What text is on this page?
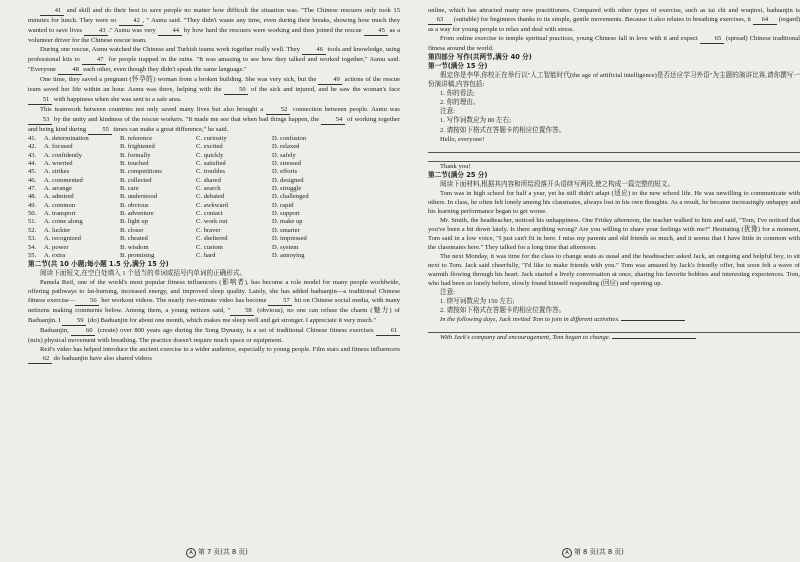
41 and skill and do their best to save people no matter how difficult the situation was. "The Chinese rescuers only took 15 minutes for lunch. They were so 42 , " Asmu said. "They didn't waste any time, even during their breaks, showing how much they wanted to save lives 43 ." Asmu was very 44 by how hard the rescuers were working and then joined the rescue 45 as a volunteer driver for the Chinese rescue team.

During one rescue, Asmu watched the Chinese and Turkish teams work together really well. They 46 tools and knowledge, using professional kits to 47 for people trapped in the ruins. "It was amazing to see how they talked and worked together," Asmu said. "Everyone 48 each other, even though they didn't speak the same language."

One time, they saved a pregnant (怀孕的) woman from a broken building. She was very sick, but the 49 actions of the rescue team saved her life within an hour. Asmu was there, helping with the 50 of the sick and injured, and he saw the woman's face 51 with happiness when she was sent to a safe area.

This teamwork between countries not only saved many lives but also brought a 52 connection between people. Asmu was 53 by the unity and kindness of the rescue workers. "It made me see that when bad things happen, the 54 of working together and being kind during 55 times can make a great difference," he said.

41.	A. determination	B. reference	C. curiosity	D. confusion
42.	A. focused	B. frightened	C. excited	D. relaxed
43.	A. confidently	B. formally	C. quickly	D. safely
44.	A. worried	B. touched	C. satisfied	D. stressed
45.	A. strikes	B. competitions	C. troubles	D. efforts
46.	A. commented	B. collected	C. shared	D. designed
47.	A. arrange	B. care	C. search	D. struggle
48.	A. admired	B. understood	C. debated	D. challenged
49.	A. common	B. obvious	C. awkward	D. rapid
50.	A. transport	B. adventure	C. contact	D. support
51.	A. come along	B. light up	C. work out	D. make up
52.	A. luckier	B. closer	C. braver	D. smarter
53.	A. recognized	B. cheated	C. sheltered	D. impressed
54.	A. power	B. wisdom	C. custom	D. system
55.	A. extra	B. promising	C. hard	D. annoying

第二节(共 10 小题;每小题 1.5 分,满分 15 分)

阅读下面短文,在空白处填入 1 个适当的单词或括号内单词的正确形式。

Pamela Reif, one of the world's most popular fitness influencers (影响者), has become a role model for many people worldwide, offering pathways to fat-burning, increased energy, and improved sleep quality. Lately, she has added baduanjin—a traditional Chinese fitness exercise— 56 her workout videos. The nearly two-minute video has become 57 hit on Chinese social media, with many netizens making comments below. Among them, a young netizen said, " 58 (obvious), no one can refuse the charm (魅力) of Baduanjin. I 59 (do) Baduanjin for about one month, which makes me sleep well and get stronger. I appreciate it very much."

Baduanjin, 60 (create) over 800 years ago during the Song Dynasty, is a set of traditional Chinese fitness exercises 61 (mix) physical movement with breathing. The practice doesn't require much space or equipment.

Reif's video has helped introduce the ancient exercise to a wider audience, especially to young people. Film stars and fitness influencers 62 do baduanjin have also shared videos

A 第 7 页(共 8 页)

online, which has attracted many new practitioners. Compared with other types of exercise, such as tai chi and wuqinxi, baduanjin is 63 (suitable) for beginners thanks to its simple, gentle movements. Because it also relates to breathing exercises, it 64 (regard) as a way for young people to relax and deal with stress.

From online exercise to temple spiritual practices, young Chinese fall in love with it and expect 65 (spread) Chinese traditional fitness around the world.

第四部分 写作(共两节,满分 40 分)

第一节(满分 15 分)

假定你是李华,你校正在举行以"人工智能时代(the age of artificial intelligence)是否还应学习外语"为主题的演讲比赛,请你撰写一份演讲稿,内容包括:

1. 你的看法;

2. 你的理由。

注意:

1. 写作词数应为 80 左右;

2. 请按如下格式在答题卡的相应位置作答。

Hello, everyone!

Thank you!

第二节(满分 25 分)

阅读下面材料,根据其内容和所给段落开头语续写两段,使之构成一篇完整的短文。

Tom was in high school for half a year, yet he still didn't adapt (适应) to the new school life. He was unwilling to communicate with others. In class, he often felt lonely among his classmates, always lost in his own thoughts. As a result, he became increasingly unhappy and his learning performance began to get worse.

Mr. Smith, the headteacher, noticed his unhappiness. One Friday afternoon, the teacher walked to him and said, "Tom, I've noticed that you've been a bit down lately. Is there anything wrong? Are you willing to share your feelings with me?" Hesitating (犹豫) for a moment, Tom said in a low voice, "I just can't fit in here. I miss my parents and old friends so much, and it seems that I have little in common with the classmates here." They talked for a long time that afternoon.

The next Monday, it was time for the class to change seats as usual and the headteacher asked Jack, an outgoing and helpful boy, to sit next to Tom. Jack said cheerfully, "I'd like to make friends with you." Tom was amazed by Jack's friendly offer, but soon felt a wave of warmth flowing through his heart. Jack started a lively conversation at once, sharing his favorite hobbies and interesting experiences. Tom, who had been so lonely before, slowly found himself responding (回应) and opening up.

注意:

1. 续写词数应为 150 左右;

2. 请按如下格式在答题卡的相应位置作答。

In the following days, Jack invited Tom to join in different activities.

With Jack's company and encouragement, Tom began to change.

A 第 8 页(共 8 页)
